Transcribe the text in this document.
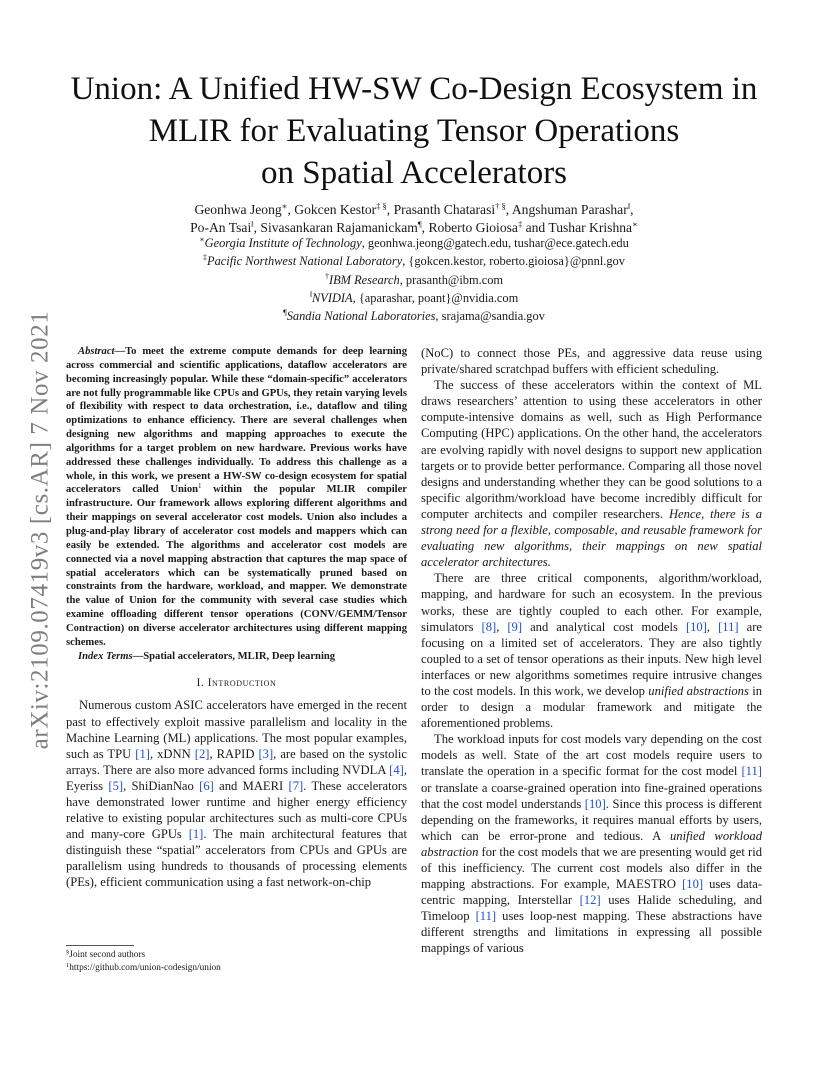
arXiv:2109.07419v3 [cs.AR] 7 Nov 2021
Union: A Unified HW-SW Co-Design Ecosystem in
MLIR for Evaluating Tensor Operations
on Spatial Accelerators
Geonhwa Jeong∗, Gokcen Kestor‡ §, Prasanth Chatarasi† §, Angshuman Parashar‖,
Po-An Tsai‖, Sivasankaran Rajamanickam¶, Roberto Gioiosa‡ and Tushar Krishna∗
∗Georgia Institute of Technology, geonhwa.jeong@gatech.edu, tushar@ece.gatech.edu
‡Pacific Northwest National Laboratory, {gokcen.kestor, roberto.gioiosa}@pnnl.gov
†IBM Research, prasanth@ibm.com
‖NVIDIA, {aparashar, poant}@nvidia.com
¶Sandia National Laboratories, srajama@sandia.gov

Abstract—To meet the extreme compute demands for deep learning across commercial and scientific applications, dataflow accelerators are becoming increasingly popular. While these “domain-specific” accelerators are not fully programmable like CPUs and GPUs, they retain varying levels of flexibility with respect to data orchestration, i.e., dataflow and tiling optimizations to enhance efficiency. There are several challenges when designing new algorithms and mapping approaches to execute the algorithms for a target problem on new hardware. Previous works have addressed these challenges individually. To address this challenge as a whole, in this work, we present a HW-SW co-design ecosystem for spatial accelerators called Union$^1$ within the popular MLIR compiler infrastructure. Our framework allows exploring different algorithms and their mappings on several accelerator cost models. Union also includes a plug-and-play library of accelerator cost models and mappers which can easily be extended. The algorithms and accelerator cost models are connected via a novel mapping abstraction that captures the map space of spatial accelerators which can be systematically pruned based on constraints from the hardware, workload, and mapper. We demonstrate the value of Union for the community with several case studies which examine offloading different tensor operations (CONV/GEMM/Tensor Contraction) on diverse accelerator architectures using different mapping schemes.

Index Terms—Spatial accelerators, MLIR, Deep learning

I. Introduction

Numerous custom ASIC accelerators have emerged in the recent past to effectively exploit massive parallelism and locality in the Machine Learning (ML) applications. The most popular examples, such as TPU [1], xDNN [2], RAPID [3], are based on the systolic arrays. There are also more advanced forms including NVDLA [4], Eyeriss [5], ShiDianNao [6] and MAERI [7]. These accelerators have demonstrated lower runtime and higher energy efficiency relative to existing popular architectures such as multi-core CPUs and many-core GPUs [1]. The main architectural features that distinguish these “spatial” accelerators from CPUs and GPUs are parallelism using hundreds to thousands of processing elements (PEs), efficient communication using a fast network-on-chip

(NoC) to connect those PEs, and aggressive data reuse using private/shared scratchpad buffers with efficient scheduling.

The success of these accelerators within the context of ML draws researchers’ attention to using these accelerators in other compute-intensive domains as well, such as High Performance Computing (HPC) applications. On the other hand, the accelerators are evolving rapidly with novel designs to support new application targets or to provide better performance. Comparing all those novel designs and understanding whether they can be good solutions to a specific algorithm/workload have become incredibly difficult for computer architects and compiler researchers. Hence, there is a strong need for a flexible, composable, and reusable framework for evaluating new algorithms, their mappings on new spatial accelerator architectures.

There are three critical components, algorithm/workload, mapping, and hardware for such an ecosystem. In the previous works, these are tightly coupled to each other. For example, simulators [8], [9] and analytical cost models [10], [11] are focusing on a limited set of accelerators. They are also tightly coupled to a set of tensor operations as their inputs. New high level interfaces or new algorithms sometimes require intrusive changes to the cost models. In this work, we develop unified abstractions in order to design a modular framework and mitigate the aforementioned problems.

The workload inputs for cost models vary depending on the cost models as well. State of the art cost models require users to translate the operation in a specific format for the cost model [11] or translate a coarse-grained operation into fine-grained operations that the cost model understands [10]. Since this process is different depending on the frameworks, it requires manual efforts by users, which can be error-prone and tedious. A unified workload abstraction for the cost models that we are presenting would get rid of this inefficiency. The current cost models also differ in the mapping abstractions. For example, MAESTRO [10] uses data-centric mapping, Interstellar [12] uses Halide scheduling, and Timeloop [11] uses loop-nest mapping. These abstractions have different strengths and limitations in expressing all possible mappings of various

§Joint second authors
$^1$https://github.com/union-codesign/union
